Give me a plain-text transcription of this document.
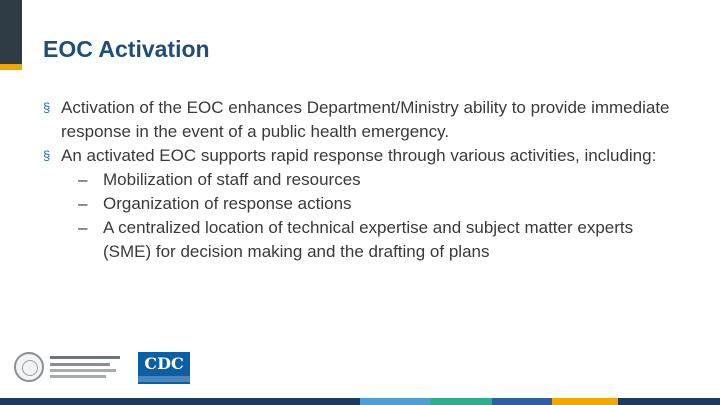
EOC Activation
§ Activation of the EOC enhances Department/Ministry ability to provide immediate response in the event of a public health emergency.
§ An activated EOC supports rapid response through various activities, including:
– Mobilization of staff and resources
– Organization of response actions
– A centralized location of technical expertise and subject matter experts (SME) for decision making and the drafting of plans
CDC
